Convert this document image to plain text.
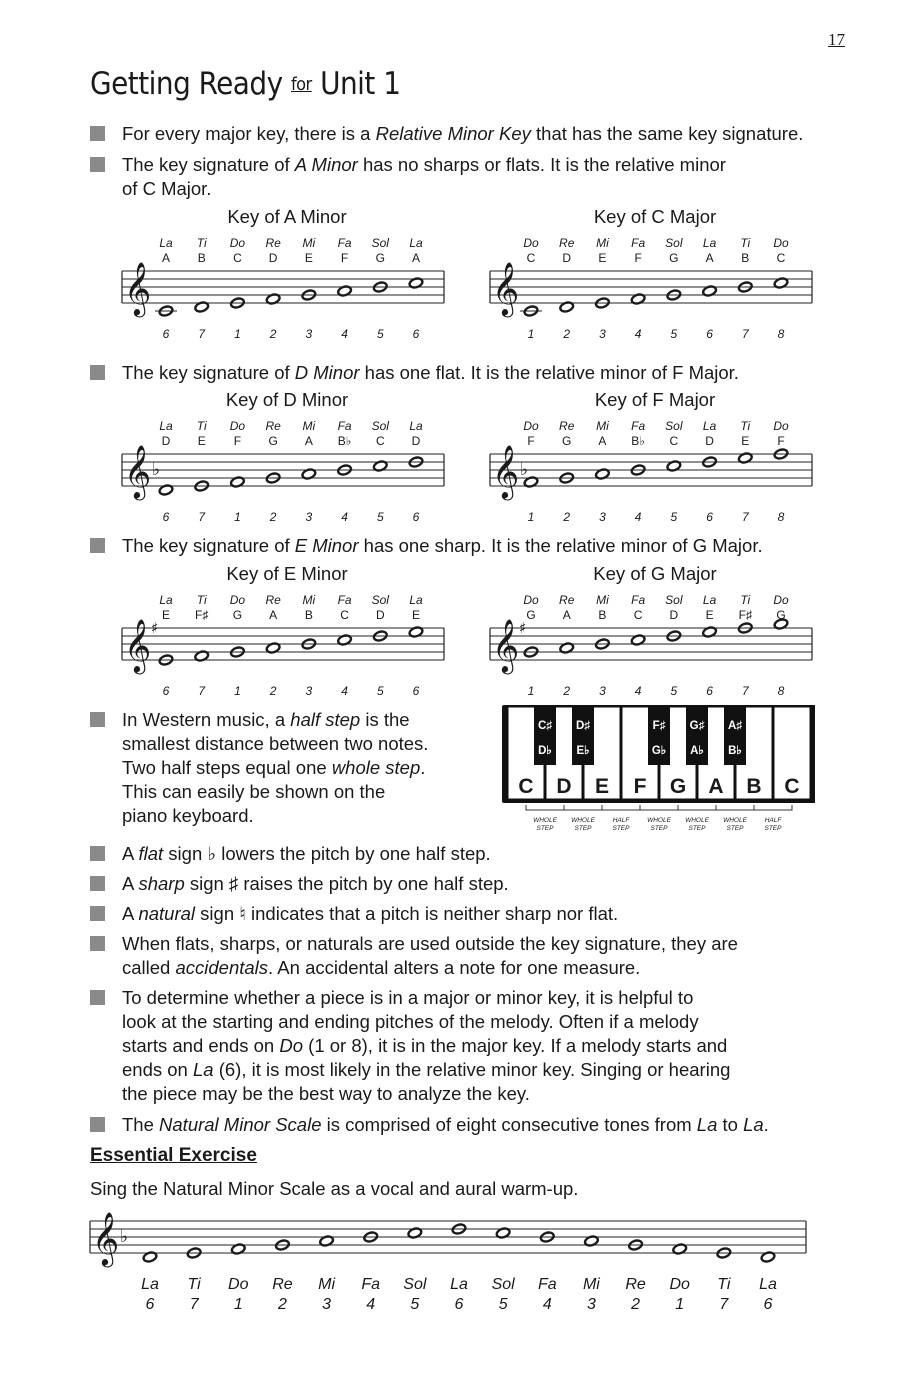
17
Getting Ready for Unit 1
For every major key, there is a Relative Minor Key that has the same key signature.
The key signature of A Minor has no sharps or flats. It is the relative minor
of C Major.
The key signature of D Minor has one flat. It is the relative minor of F Major.
The key signature of E Minor has one sharp. It is the relative minor of G Major.
Key of A Minor
La Ti Do Re Mi Fa Sol La
A B C D E F G A
𝄞
6 7 1 2 3 4 5 6
Key of C Major
Do Re Mi Fa Sol La Ti Do
C D E F G A B C
𝄞
1 2 3 4 5 6 7 8
Key of D Minor
La Ti Do Re Mi Fa Sol La
D E F G A B♭ C D
𝄞 ♭
6 7 1 2 3 4 5 6
Key of F Major
Do Re Mi Fa Sol La Ti Do
F G A B♭ C D E F
𝄞 ♭
1 2 3 4 5 6 7 8
Key of E Minor
La Ti Do Re Mi Fa Sol La
E F♯ G A B C D E
𝄞 ♯
6 7 1 2 3 4 5 6
Key of G Major
Do Re Mi Fa Sol La Ti Do
G A B C D E F♯ G
𝄞 ♯
1 2 3 4 5 6 7 8
In Western music, a half step is the
smallest distance between two notes.
Two half steps equal one whole step.
This can easily be shown on the
piano keyboard.
C D E F G A B C
C♯
D♭
D♯
E♭
F♯
G♭
G♯
A♭
A♯
B♭
WHOLE
STEP
WHOLE
STEP
HALF
STEP
WHOLE
STEP
WHOLE
STEP
WHOLE
STEP
HALF
STEP
A flat sign ♭ lowers the pitch by one half step.
A sharp sign ♯ raises the pitch by one half step.
A natural sign ♮ indicates that a pitch is neither sharp nor flat.
When flats, sharps, or naturals are used outside the key signature, they are
called accidentals. An accidental alters a note for one measure.
To determine whether a piece is in a major or minor key, it is helpful to
look at the starting and ending pitches of the melody. Often if a melody
starts and ends on Do (1 or 8), it is in the major key. If a melody starts and
ends on La (6), it is most likely in the relative minor key. Singing or hearing
the piece may be the best way to analyze the key.
The Natural Minor Scale is comprised of eight consecutive tones from La to La.
Essential Exercise
Sing the Natural Minor Scale as a vocal and aural warm-up.
𝄞 ♭
La Ti Do Re Mi Fa Sol La Sol Fa Mi Re Do Ti La
6 7 1 2 3 4 5 6 5 4 3 2 1 7 6
